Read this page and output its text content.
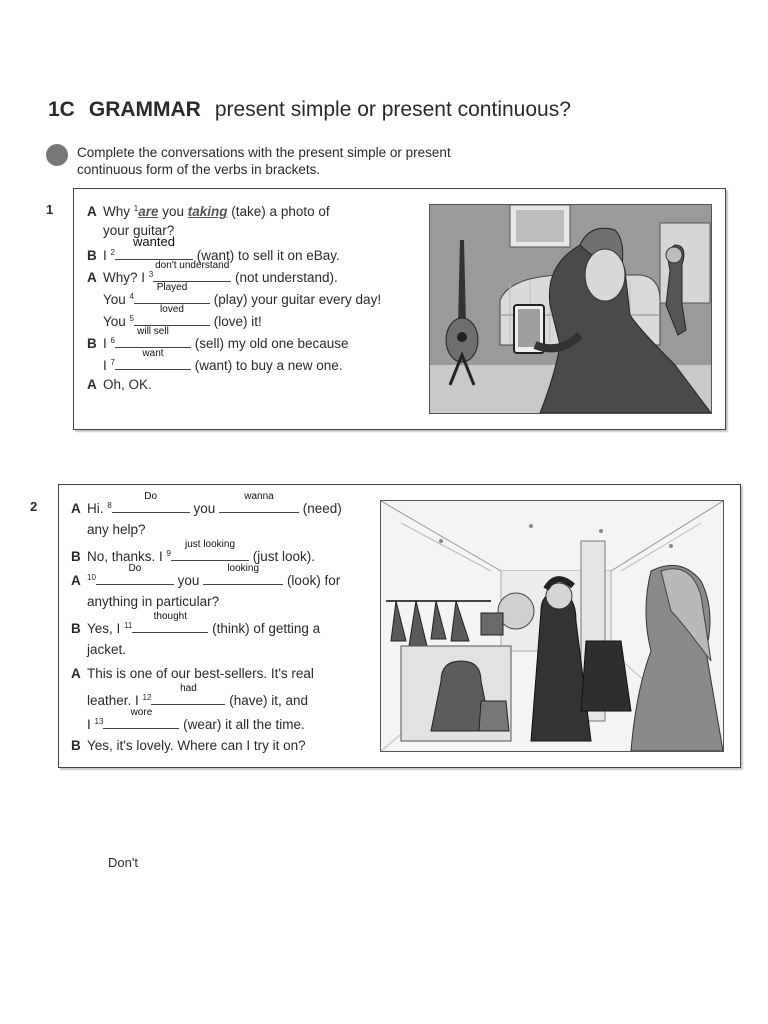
1C GRAMMAR present simple or present continuous?
Complete the conversations with the present simple or present continuous form of the verbs in brackets.
1	A Why $^1$are you taking (take) a photo of
your guitar?
B I $^2$
wanted
(want) to sell it on eBay.
A Why? I $^3$
don't understand
(not understand).
You $^4$
Played
(play) your guitar every day!
You $^5$
loved
(love) it!
B I $^6$
will sell
(sell) my old one because
I $^7$
want
(want) to buy a new one.
A Oh, OK.
2	A Hi. $^8$
Do
you
wanna
(need)
any help?
B No, thanks. I $^9$
just looking
(just look).
A $^{10}$
Do
you
looking
(look) for
anything in particular?
B Yes, I $^{11}$
thought
(think) of getting a
jacket.
A This is one of our best-sellers. It's real
leather. I $^{12}$
had
(have) it, and
I $^{13}$
wore
(wear) it all the time.
B Yes, it's lovely. Where can I try it on?
Don't
